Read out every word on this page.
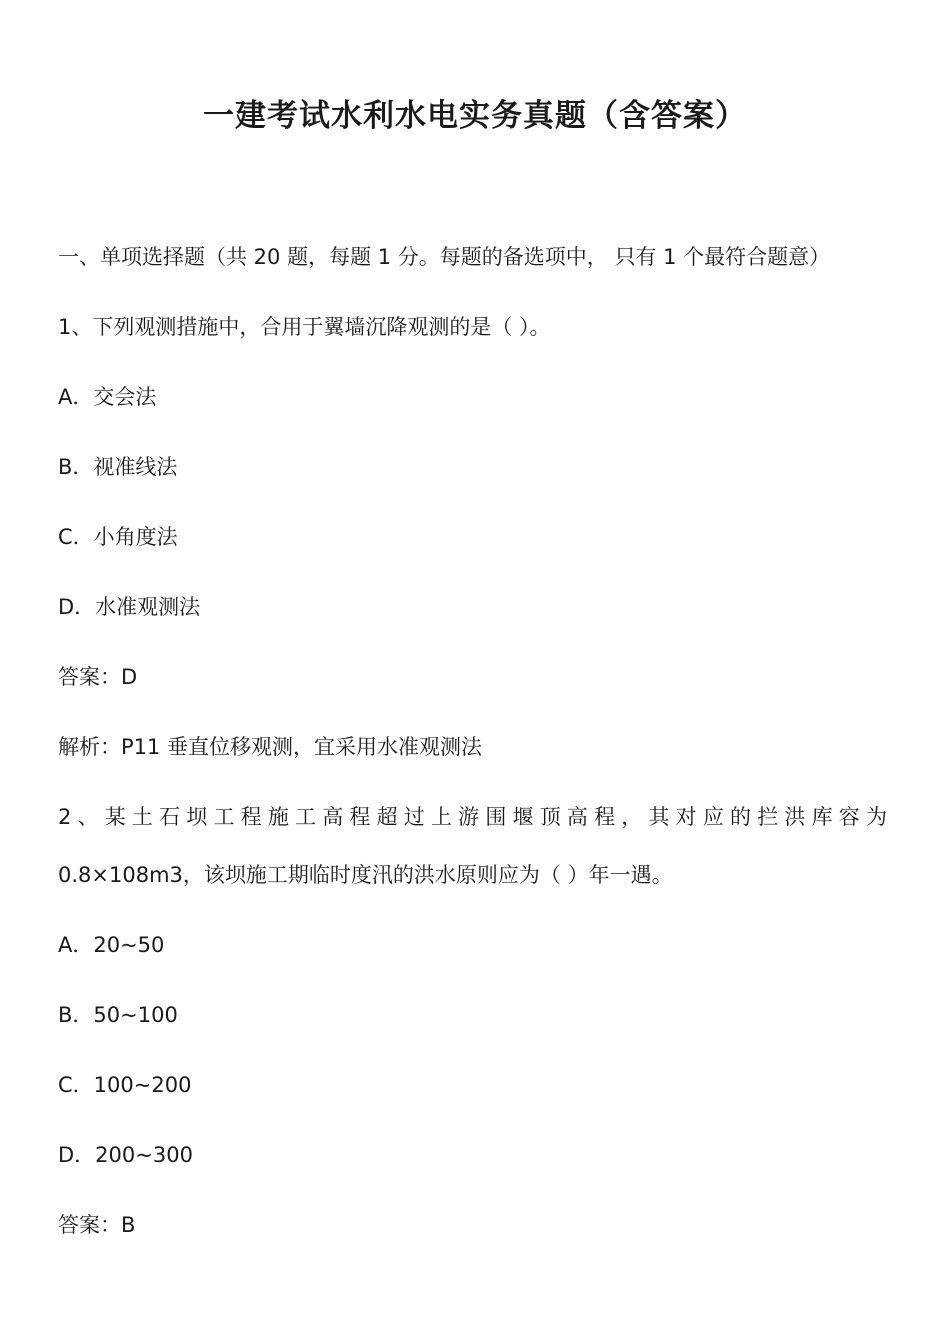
一建考试水利水电实务真题（含答案）

一、单项选择题（共 20 题，每题 1 分。每题的备选项中， 只有 1 个最符合题意）

1、下列观测措施中，合用于翼墙沉降观测的是（ ）。

A．交会法

B．视准线法

C．小角度法

D．水准观测法

答案：D

解析：P11 垂直位移观测，宜采用水准观测法

2、某土石坝工程施工高程超过上游围堰顶高程，其对应的拦洪库容为

0.8×108m3，该坝施工期临时度汛的洪水原则应为（ ）年一遇。

A．20~50

B．50~100

C．100~200

D．200~300

答案：B
